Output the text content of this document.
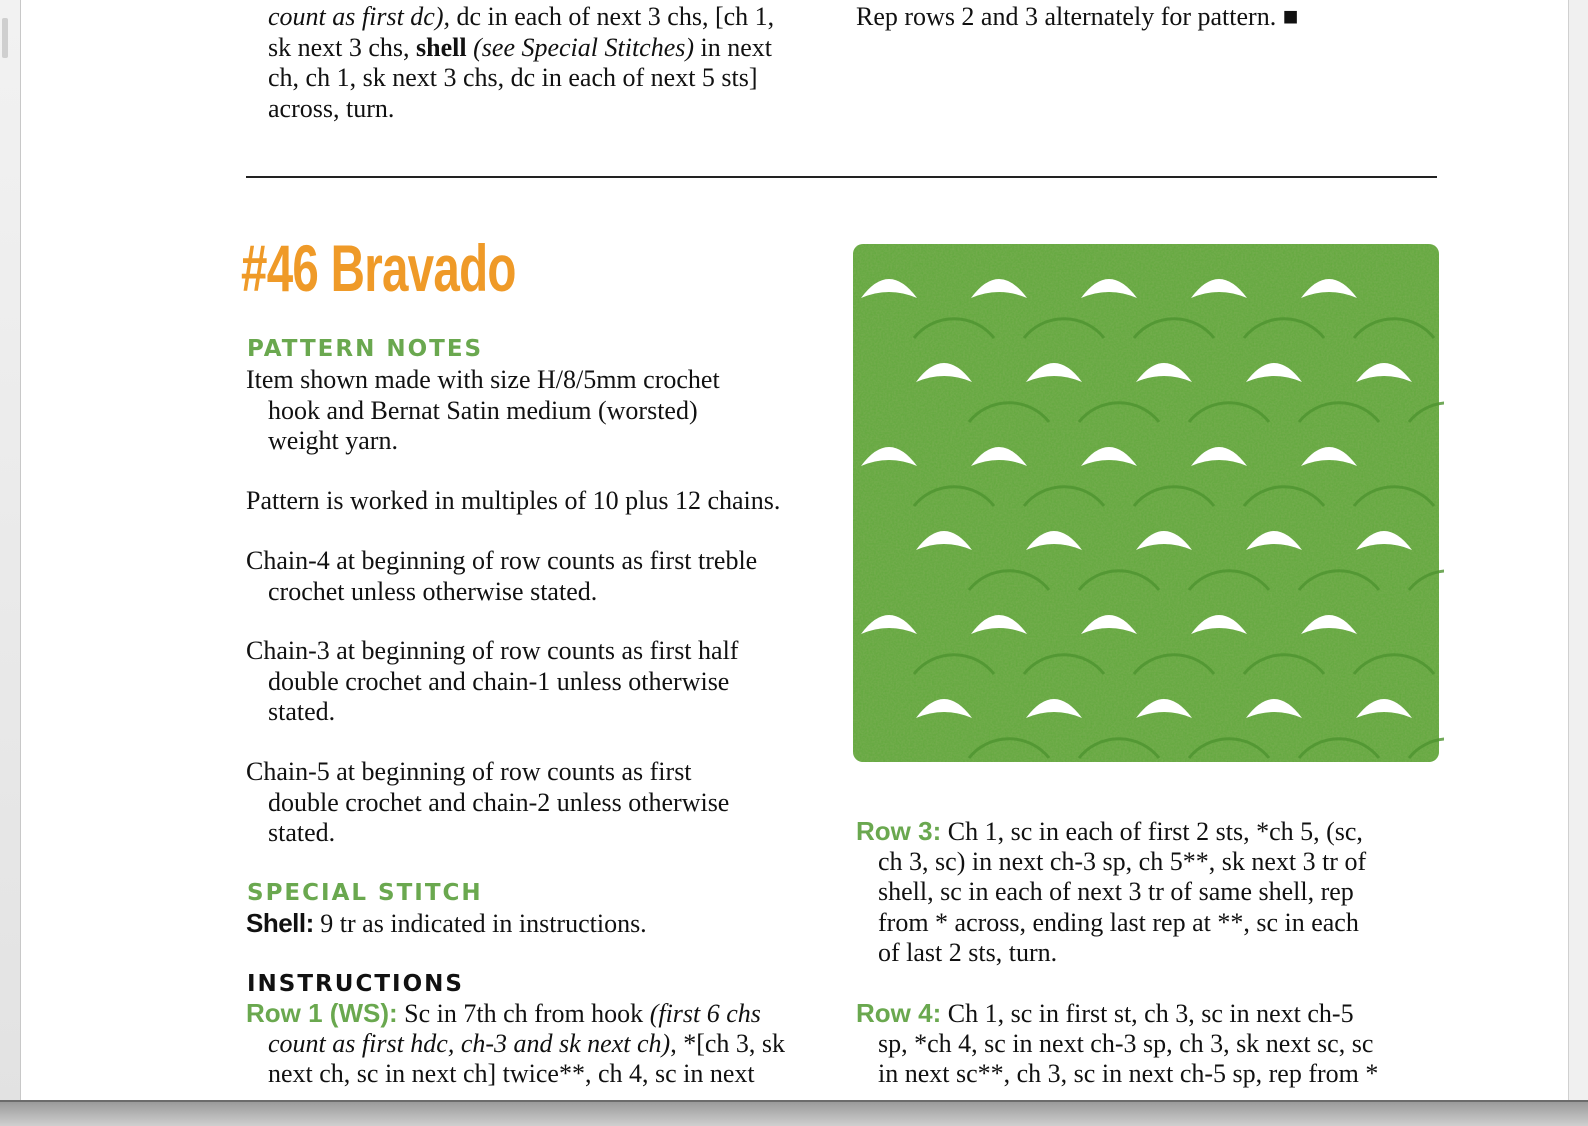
count as first dc), dc in each of next 3 chs, [ch 1,
sk next 3 chs, shell (see Special Stitches) in next
ch, ch 1, sk next 3 chs, dc in each of next 5 sts]
across, turn.
Rep rows 2 and 3 alternately for pattern. ■
#46 Bravado
PATTERN NOTES
Item shown made with size H/8/5mm crochet
hook and Bernat Satin medium (worsted)
weight yarn.
Pattern is worked in multiples of 10 plus 12 chains.
Chain-4 at beginning of row counts as first treble
crochet unless otherwise stated.
Chain-3 at beginning of row counts as first half
double crochet and chain-1 unless otherwise
stated.
Chain-5 at beginning of row counts as first
double crochet and chain-2 unless otherwise
stated.
SPECIAL STITCH
Shell: 9 tr as indicated in instructions.
INSTRUCTIONS
Row 1 (WS): Sc in 7th ch from hook (first 6 chs
count as first hdc, ch-3 and sk next ch), *[ch 3, sk
next ch, sc in next ch] twice**, ch 4, sc in next
Row 3: Ch 1, sc in each of first 2 sts, *ch 5, (sc,
ch 3, sc) in next ch-3 sp, ch 5**, sk next 3 tr of
shell, sc in each of next 3 tr of same shell, rep
from * across, ending last rep at **, sc in each
of last 2 sts, turn.
Row 4: Ch 1, sc in first st, ch 3, sc in next ch-5
sp, *ch 4, sc in next ch-3 sp, ch 3, sk next sc, sc
in next sc**, ch 3, sc in next ch-5 sp, rep from *
